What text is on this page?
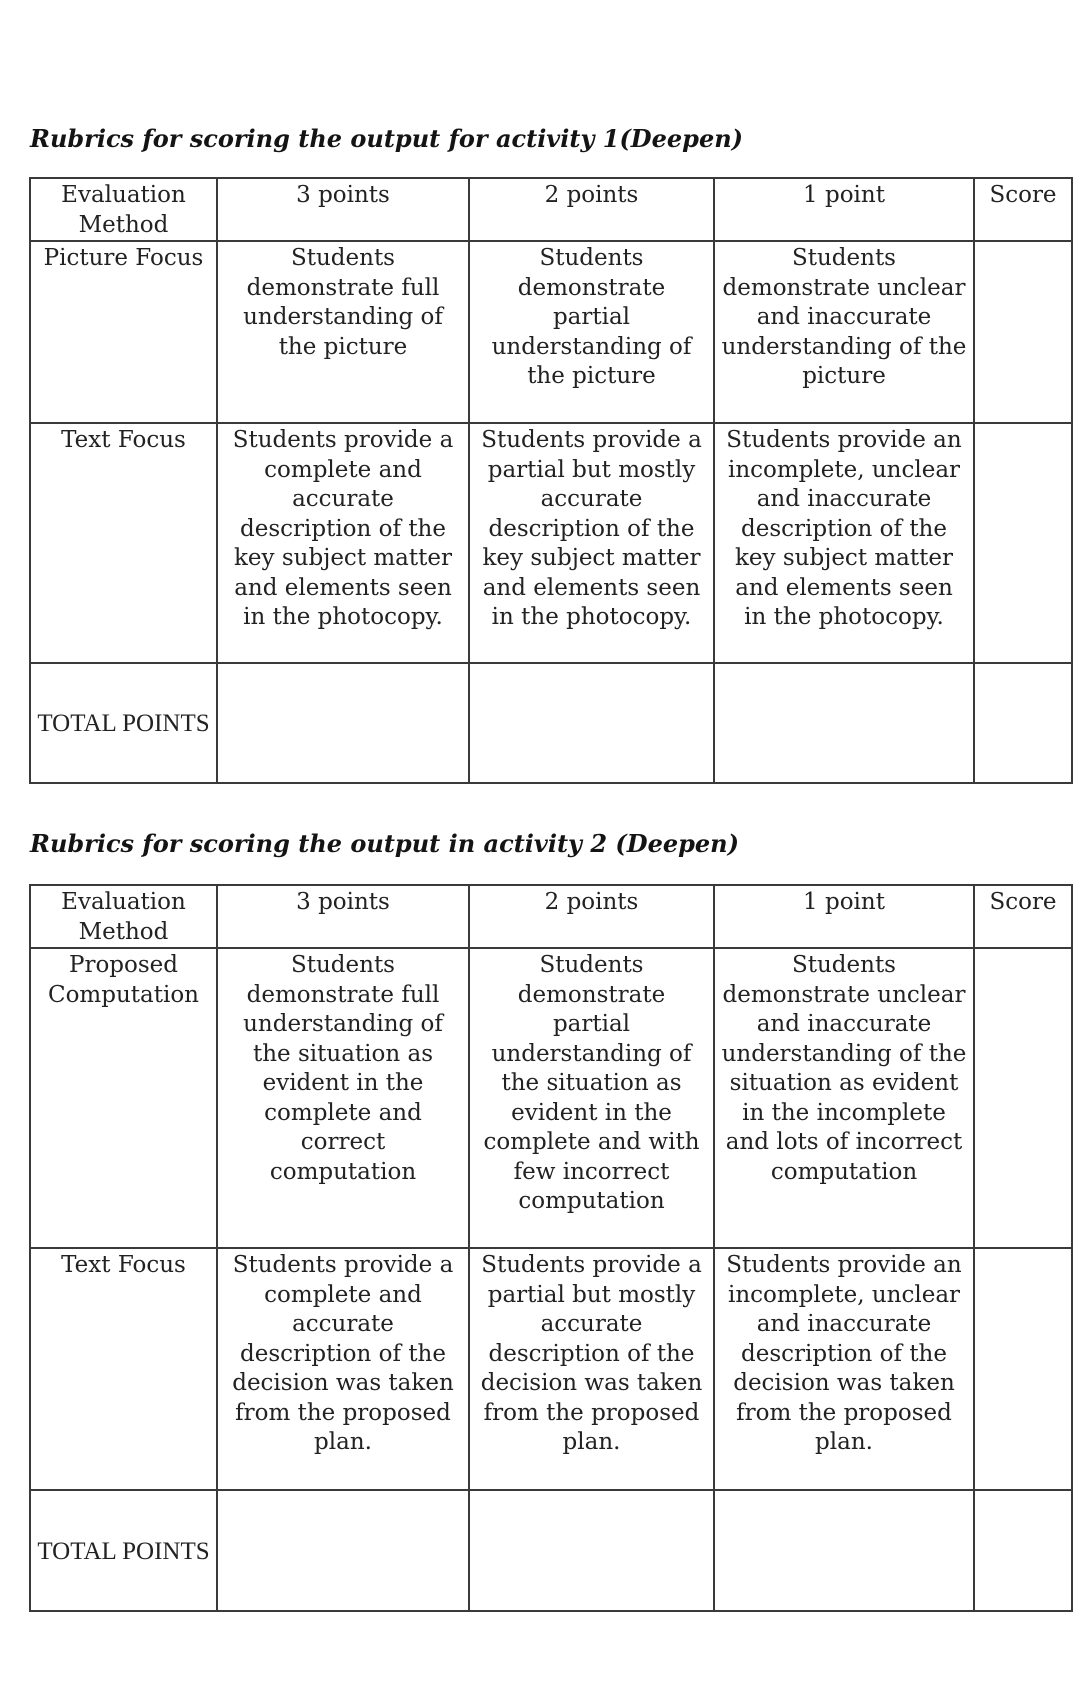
Rubrics for scoring the output for activity 1(Deepen)
Evaluation Method	3 points	2 points	1 point	Score

Picture Focus	Students demonstrate full understanding of the picture	Students demonstrate partial understanding of the picture	Students demonstrate unclear and inaccurate understanding of the picture	

Text Focus	Students provide a complete and accurate description of the key subject matter and elements seen in the photocopy.	Students provide a partial but mostly accurate description of the key subject matter and elements seen in the photocopy.	Students provide an incomplete, unclear and inaccurate description of the key subject matter and elements seen in the photocopy.	

TOTAL POINTS				

Rubrics for scoring the output in activity 2 (Deepen)
Evaluation Method	3 points	2 points	1 point	Score

Proposed Computation	Students demonstrate full understanding of the situation as evident in the complete and correct computation	Students demonstrate partial understanding of the situation as evident in the complete and with few incorrect computation	Students demonstrate unclear and inaccurate understanding of the situation as evident in the incomplete and lots of incorrect computation	

Text Focus	Students provide a complete and accurate description of the decision was taken from the proposed plan.	Students provide a partial but mostly accurate description of the decision was taken from the proposed plan.	Students provide an incomplete, unclear and inaccurate description of the decision was taken from the proposed plan.	

TOTAL POINTS				
